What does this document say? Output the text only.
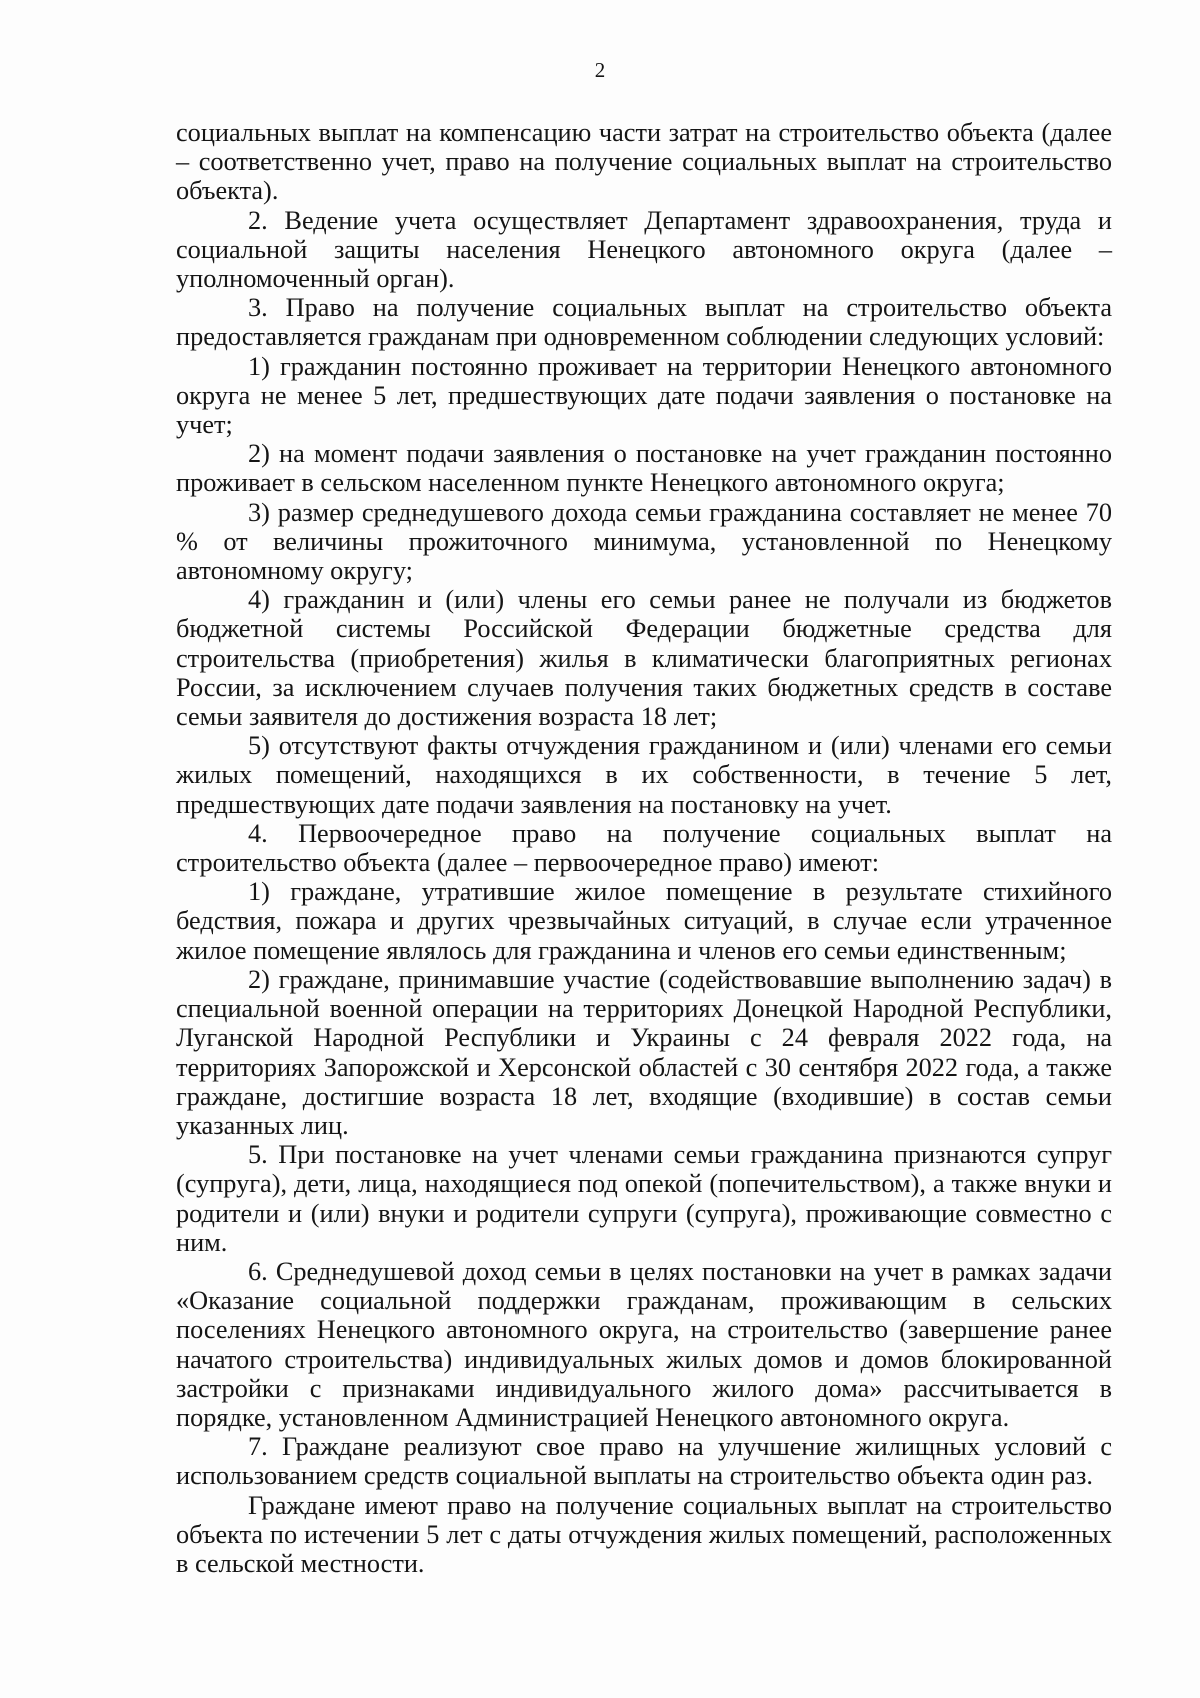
2

социальных выплат на компенсацию части затрат на строительство объекта (далее – соответственно учет, право на получение социальных выплат на строительство объекта).

2. Ведение учета осуществляет Департамент здравоохранения, труда и социальной защиты населения Ненецкого автономного округа (далее – уполномоченный орган).

3. Право на получение социальных выплат на строительство объекта предоставляется гражданам при одновременном соблюдении следующих условий:

1) гражданин постоянно проживает на территории Ненецкого автономного округа не менее 5 лет, предшествующих дате подачи заявления о постановке на учет;

2) на момент подачи заявления о постановке на учет гражданин постоянно проживает в сельском населенном пункте Ненецкого автономного округа;

3) размер среднедушевого дохода семьи гражданина составляет не менее 70 % от величины прожиточного минимума, установленной по Ненецкому автономному округу;

4) гражданин и (или) члены его семьи ранее не получали из бюджетов бюджетной системы Российской Федерации бюджетные средства для строительства (приобретения) жилья в климатически благоприятных регионах России, за исключением случаев получения таких бюджетных средств в составе семьи заявителя до достижения возраста 18 лет;

5) отсутствуют факты отчуждения гражданином и (или) членами его семьи жилых помещений, находящихся в их собственности, в течение 5 лет, предшествующих дате подачи заявления на постановку на учет.

4. Первоочередное право на получение социальных выплат на строительство объекта (далее – первоочередное право) имеют:

1) граждане, утратившие жилое помещение в результате стихийного бедствия, пожара и других чрезвычайных ситуаций, в случае если утраченное жилое помещение являлось для гражданина и членов его семьи единственным;

2) граждане, принимавшие участие (содействовавшие выполнению задач) в специальной военной операции на территориях Донецкой Народной Республики, Луганской Народной Республики и Украины с 24 февраля 2022 года, на территориях Запорожской и Херсонской областей с 30 сентября 2022 года, а также граждане, достигшие возраста 18 лет, входящие (входившие) в состав семьи указанных лиц.

5. При постановке на учет членами семьи гражданина признаются супруг (супруга), дети, лица, находящиеся под опекой (попечительством), а также внуки и родители и (или) внуки и родители супруги (супруга), проживающие совместно с ним.

6. Среднедушевой доход семьи в целях постановки на учет в рамках задачи «Оказание социальной поддержки гражданам, проживающим в сельских поселениях Ненецкого автономного округа, на строительство (завершение ранее начатого строительства) индивидуальных жилых домов и домов блокированной застройки с признаками индивидуального жилого дома» рассчитывается в порядке, установленном Администрацией Ненецкого автономного округа.

7. Граждане реализуют свое право на улучшение жилищных условий с использованием средств социальной выплаты на строительство объекта один раз.

Граждане имеют право на получение социальных выплат на строительство объекта по истечении 5 лет с даты отчуждения жилых помещений, расположенных в сельской местности.
